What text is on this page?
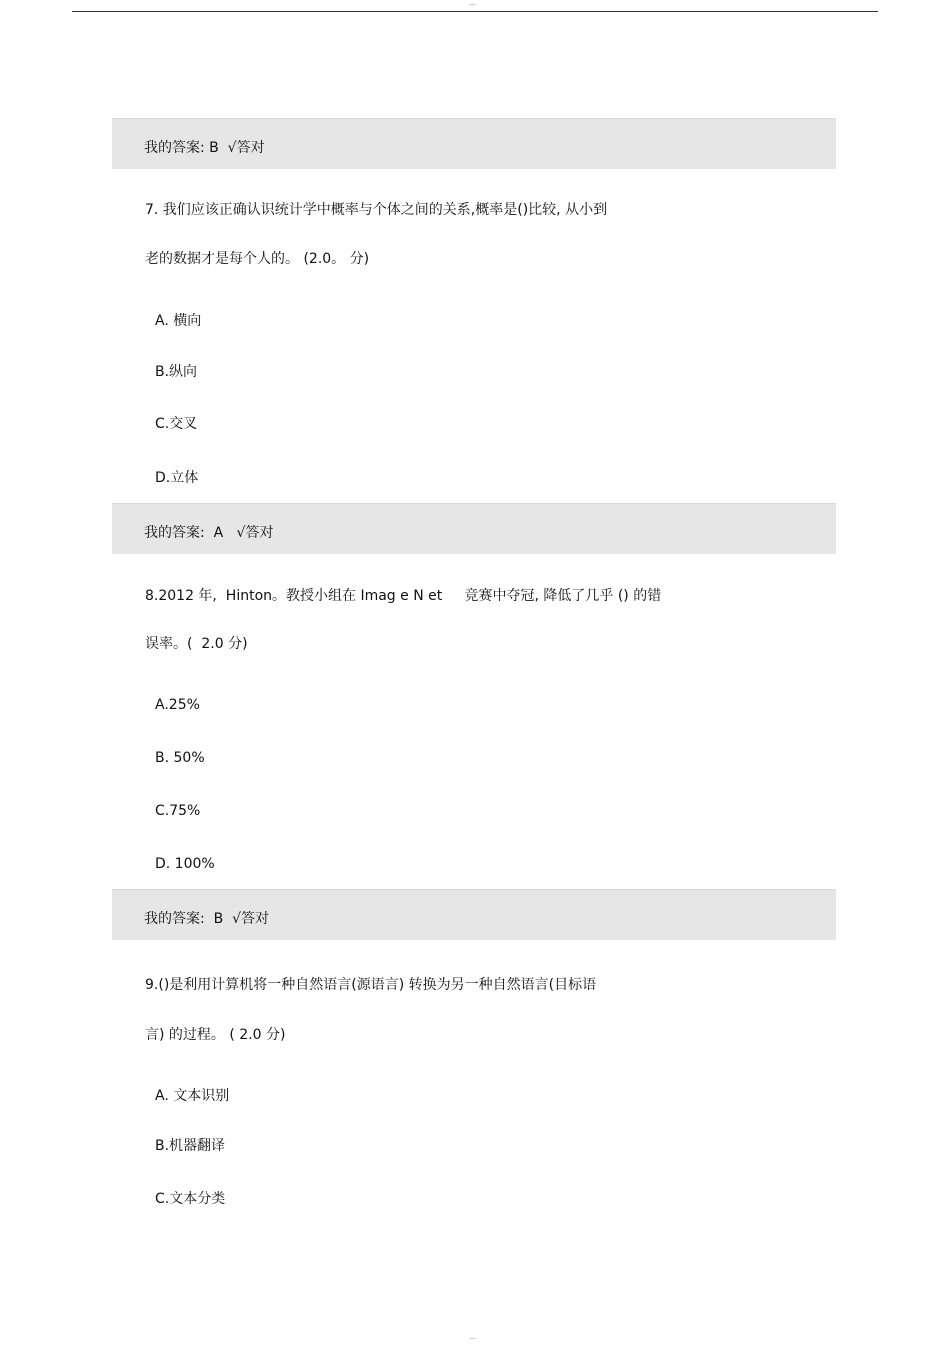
—
我的答案: B  √答对
7. 我们应该正确认识统计学中概率与个体之间的关系,概率是()比较, 从小到
老的数据才是每个人的。 (2.0。 分)
A. 横向
B.纵向
C.交叉
D.立体
我的答案:  A   √答对
8.2012 年,  Hinton。教授小组在 Imag e N et     竞赛中夺冠, 降低了几乎 () 的错
误率。(  2.0 分)
A.25%
B. 50%
C.75%
D. 100%
我的答案:  B  √答对
9.()是利用计算机将一种自然语言(源语言) 转换为另一种自然语言(目标语
言) 的过程。 ( 2.0 分)
A. 文本识别
B.机器翻译
C.文本分类
—
